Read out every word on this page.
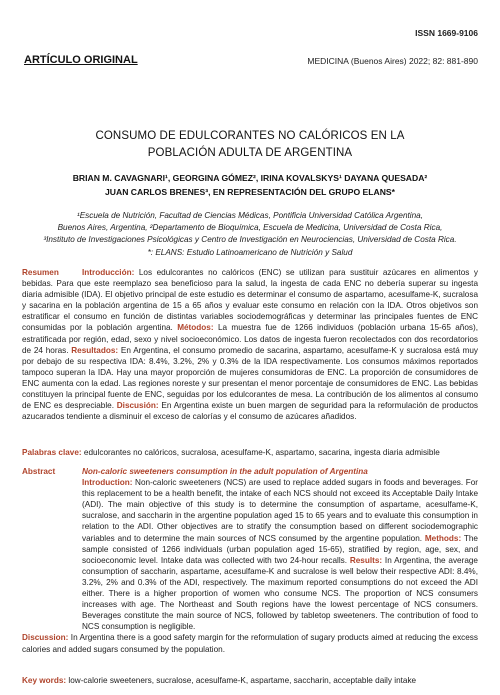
ISSN 1669-9106
ARTÍCULO ORIGINAL	MEDICINA (Buenos Aires) 2022; 82: 881-890
CONSUMO DE EDULCORANTES NO CALÓRICOS EN LA
POBLACIÓN ADULTA DE ARGENTINA
BRIAN M. CAVAGNARI¹, GEORGINA GÓMEZ², IRINA KOVALSKYS¹ DAYANA QUESADA²
JUAN CARLOS BRENES³, EN REPRESENTACIÓN DEL GRUPO ELANS*
¹Escuela de Nutrición, Facultad de Ciencias Médicas, Pontificia Universidad Católica Argentina,
Buenos Aires, Argentina, ²Departamento de Bioquímica, Escuela de Medicina, Universidad de Costa Rica,
³Instituto de Investigaciones Psicológicas y Centro de Investigación en Neurociencias, Universidad de Costa Rica.
*: ELANS: Estudio Latinoamericano de Nutrición y Salud

Resumen	Introducción: Los edulcorantes no calóricos (ENC) se utilizan para sustituir azúcares en alimentos y bebidas. Para que este reemplazo sea beneficioso para la salud, la ingesta de cada ENC no debería superar su ingesta diaria admisible (IDA). El objetivo principal de este estudio es determinar el consumo de aspartamo, acesulfame-K, sucralosa y sacarina en la población argentina de 15 a 65 años y evaluar este consumo en relación con la IDA. Otros objetivos son estratificar el consumo en función de distintas variables sociodemográficas y determinar las principales fuentes de ENC consumidas por la población argentina. Métodos: La muestra fue de 1266 individuos (población urbana 15-65 años), estratificada por región, edad, sexo y nivel socioeconómico. Los datos de ingesta fueron recolectados con dos recordatorios de 24 horas. Resultados: En Argentina, el consumo promedio de sacarina, aspartamo, acesulfame-K y sucralosa está muy por debajo de su respectiva IDA: 8.4%, 3.2%, 2% y 0.3% de la IDA respectivamente. Los consumos máximos reportados tampoco superan la IDA. Hay una mayor proporción de mujeres consumidoras de ENC. La proporción de consumidores de ENC aumenta con la edad. Las regiones noreste y sur presentan el menor porcentaje de consumidores de ENC. Las bebidas constituyen la principal fuente de ENC, seguidas por los edulcorantes de mesa. La contribución de los alimentos al consumo de ENC es despreciable. Discusión: En Argentina existe un buen margen de seguridad para la reformulación de productos azucarados tendiente a disminuir el exceso de calorías y el consumo de azúcares añadidos.

Palabras clave: edulcorantes no calóricos, sucralosa, acesulfame-K, aspartamo, sacarina, ingesta diaria admisible

Abstract	Non-caloric sweeteners consumption in the adult population of Argentina

Introduction: Non-caloric sweeteners (NCS) are used to replace added sugars in foods and beverages. For this replacement to be a health benefit, the intake of each NCS should not exceed its Acceptable Daily Intake (ADI). The main objective of this study is to determine the consumption of aspartame, acesulfame-K, sucralose, and saccharin in the argentine population aged 15 to 65 years and to evaluate this consumption in relation to the ADI. Other objectives are to stratify the consumption based on different sociodemographic variables and to determine the main sources of NCS consumed by the argentine population. Methods: The sample consisted of 1266 individuals (urban population aged 15-65), stratified by region, age, sex, and socioeconomic level. Intake data was collected with two 24-hour recalls. Results: In Argentina, the average consumption of saccharin, aspartame, acesulfame-K and sucralose is well below their respective ADI: 8.4%, 3.2%, 2% and 0.3% of the ADI, respectively. The maximum reported consumptions do not exceed the ADI either. There is a higher proportion of women who consume NCS. The proportion of NCS consumers increases with age. The Northeast and South regions have the lowest percentage of NCS consumers. Beverages constitute the main source of NCS, followed by tabletop sweeteners. The contribution of food to NCS consumption is negligible.

Discussion: In Argentina there is a good safety margin for the reformulation of sugary products aimed at reducing the excess calories and added sugars consumed by the population.

Key words: low-calorie sweeteners, sucralose, acesulfame-K, aspartame, saccharin, acceptable daily intake
